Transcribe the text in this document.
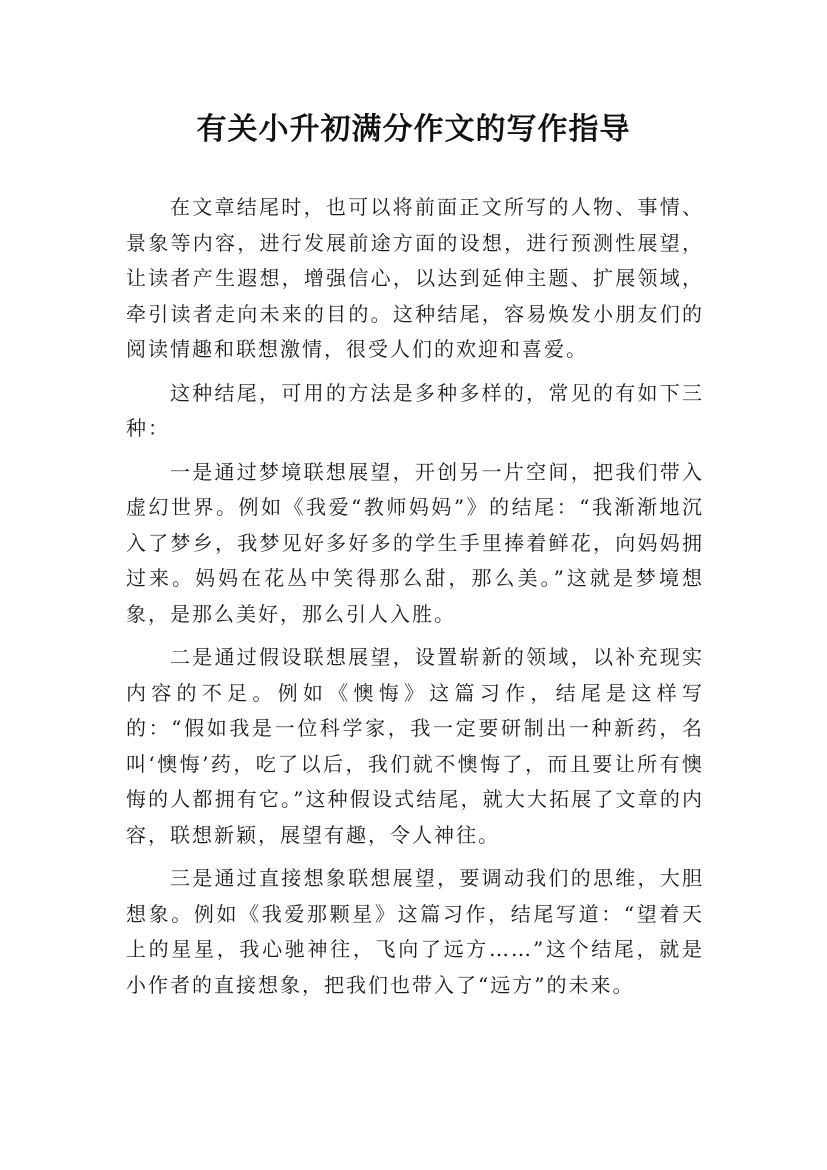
有关小升初满分作文的写作指导

在文章结尾时，也可以将前面正文所写的人物、事情、景象等内容，进行发展前途方面的设想，进行预测性展望，让读者产生遐想，增强信心，以达到延伸主题、扩展领域，牵引读者走向未来的目的。这种结尾，容易焕发小朋友们的阅读情趣和联想激情，很受人们的欢迎和喜爱。

这种结尾，可用的方法是多种多样的，常见的有如下三种：

一是通过梦境联想展望，开创另一片空间，把我们带入虚幻世界。例如《我爱“教师妈妈”》的结尾：“我渐渐地沉入了梦乡，我梦见好多好多的学生手里捧着鲜花，向妈妈拥过来。妈妈在花丛中笑得那么甜，那么美。”这就是梦境想象，是那么美好，那么引人入胜。

二是通过假设联想展望，设置崭新的领域，以补充现实内容的不足。例如《懊悔》这篇习作，结尾是这样写的：“假如我是一位科学家，我一定要研制出一种新药，名叫‘懊悔’药，吃了以后，我们就不懊悔了，而且要让所有懊悔的人都拥有它。”这种假设式结尾，就大大拓展了文章的内容，联想新颖，展望有趣，令人神往。

三是通过直接想象联想展望，要调动我们的思维，大胆想象。例如《我爱那颗星》这篇习作，结尾写道：“望着天上的星星，我心驰神往，飞向了远方……”这个结尾，就是小作者的直接想象，把我们也带入了“远方”的未来。
